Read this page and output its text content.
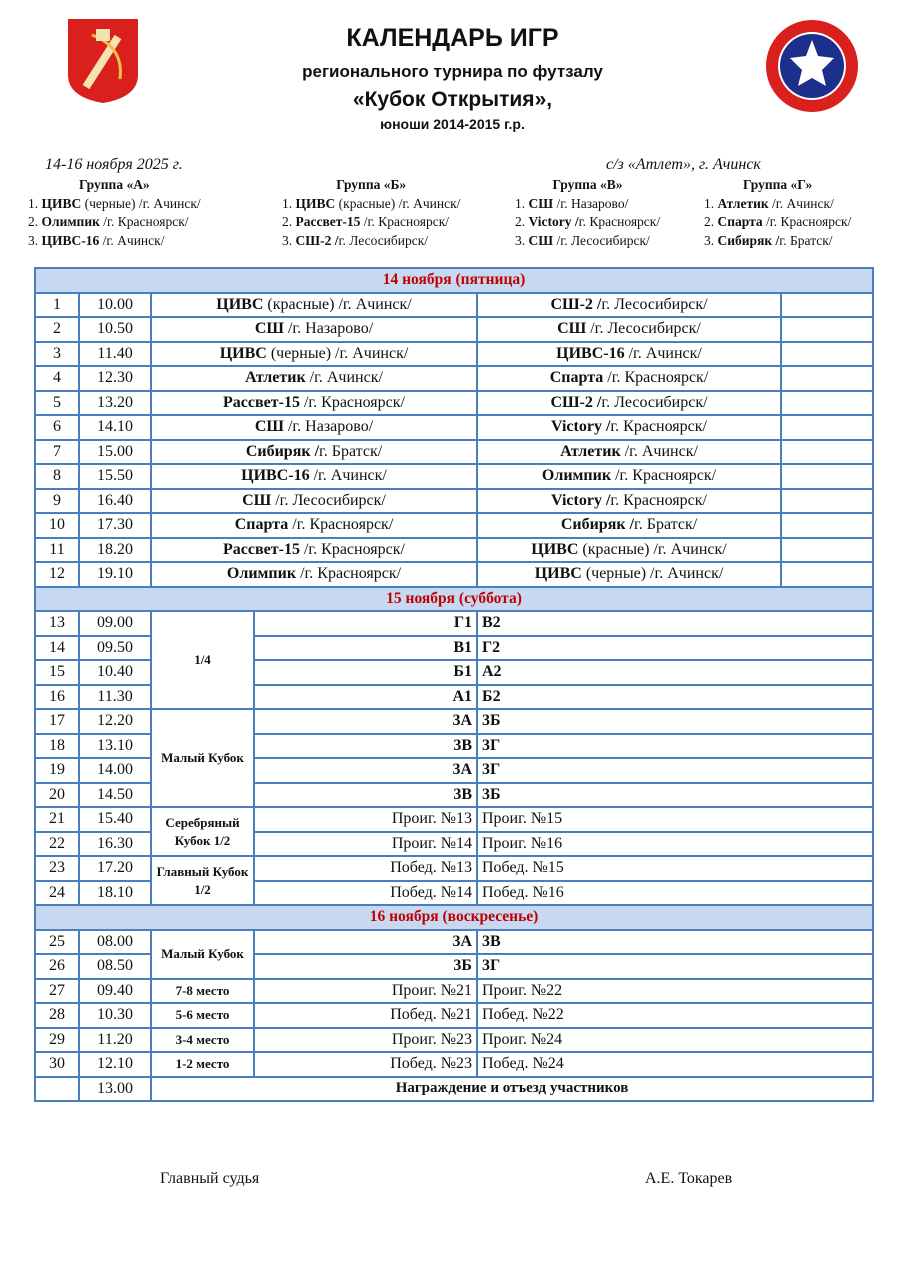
КАЛЕНДАРЬ ИГР
регионального турнира по футзалу
«Кубок Открытия»,
юноши 2014-2015 г.р.
14-16 ноября 2025 г.	с/з «Атлет», г. Ачинск
Группа «А»
1. ЦИВС (черные) /г. Ачинск/
2. Олимпик /г. Красноярск/
3. ЦИВС-16 /г. Ачинск/
Группа «Б»
1. ЦИВС (красные) /г. Ачинск/
2. Рассвет-15 /г. Красноярск/
3. СШ-2 /г. Лесосибирск/
Группа «В»
1. СШ /г. Назарово/
2. Victory /г. Красноярск/
3. СШ /г. Лесосибирск/
Группа «Г»
1. Атлетик /г. Ачинск/
2. Спарта /г. Красноярск/
3. Сибиряк /г. Братск/
14 ноября (пятница)					
1	10.00	ЦИВС (красные) /г. Ачинск/		СШ-2 /г. Лесосибирск/	
2	10.50	СШ /г. Назарово/		СШ /г. Лесосибирск/	
3	11.40	ЦИВС (черные) /г. Ачинск/		ЦИВС-16 /г. Ачинск/	
4	12.30	Атлетик /г. Ачинск/		Спарта /г. Красноярск/	
5	13.20	Рассвет-15 /г. Красноярск/		СШ-2 /г. Лесосибирск/	
6	14.10	СШ /г. Назарово/		Victory /г. Красноярск/	
7	15.00	Сибиряк /г. Братск/		Атлетик /г. Ачинск/	
8	15.50	ЦИВС-16 /г. Ачинск/		Олимпик /г. Красноярск/	
9	16.40	СШ /г. Лесосибирск/		Victory /г. Красноярск/	
10	17.30	Спарта /г. Красноярск/		Сибиряк /г. Братск/	
11	18.20	Рассвет-15 /г. Красноярск/		ЦИВС (красные) /г. Ачинск/	
12	19.10	Олимпик /г. Красноярск/		ЦИВС (черные) /г. Ачинск/	
15 ноября (суббота)					
13	09.00	1/4	Г1	В2	
14	09.50		В1	Г2	
15	10.40		Б1	А2	
16	11.30		А1	Б2	
17	12.20	Малый Кубок	3А	3Б	
18	13.10		3В	3Г	
19	14.00		3А	3Г	
20	14.50		3В	3Б	
21	15.40	Серебряный Кубок 1/2	Проиг. №13	Проиг. №15	
22	16.30		Проиг. №14	Проиг. №16	
23	17.20	Главный Кубок 1/2	Побед. №13	Побед. №15	
24	18.10		Побед. №14	Побед. №16	
16 ноября (воскресенье)					
25	08.00	Малый Кубок	3А	3В	
26	08.50		3Б	3Г	
27	09.40	7-8 место	Проиг. №21	Проиг. №22	
28	10.30	5-6 место	Побед. №21	Побед. №22	
29	11.20	3-4 место	Проиг. №23	Проиг. №24	
30	12.10	1-2 место	Побед. №23	Побед. №24	
	13.00	Награждение и отъезд участников			
Главный судья	А.Е. Токарев
